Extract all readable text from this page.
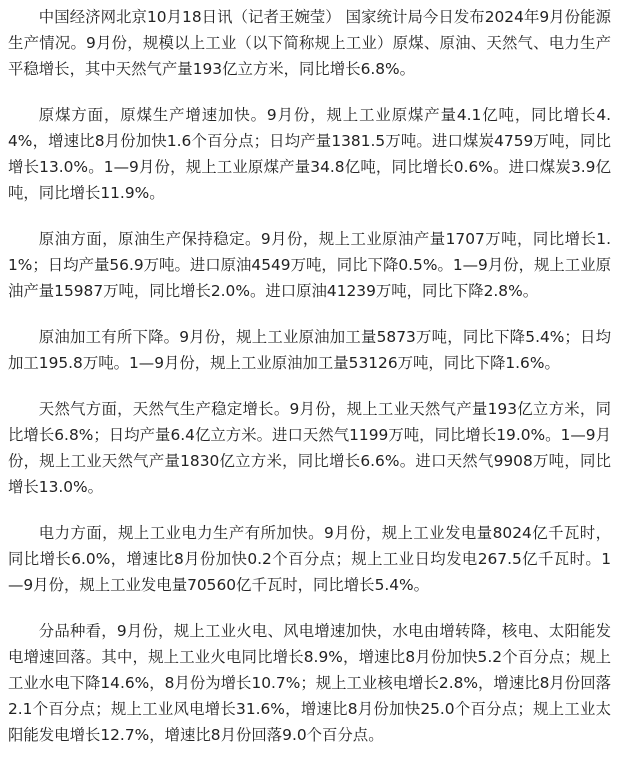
中国经济网北京10月18日讯（记者王婉莹） 国家统计局今日发布2024年9月份能源生产情况。9月份，规模以上工业（以下简称规上工业）原煤、原油、天然气、电力生产平稳增长，其中天然气产量193亿立方米，同比增长6.8%。

原煤方面，原煤生产增速加快。9月份，规上工业原煤产量4.1亿吨，同比增长4.4%，增速比8月份加快1.6个百分点；日均产量1381.5万吨。进口煤炭4759万吨，同比增长13.0%。1—9月份，规上工业原煤产量34.8亿吨，同比增长0.6%。进口煤炭3.9亿吨，同比增长11.9%。

原油方面，原油生产保持稳定。9月份，规上工业原油产量1707万吨，同比增长1.1%；日均产量56.9万吨。进口原油4549万吨，同比下降0.5%。1—9月份，规上工业原油产量15987万吨，同比增长2.0%。进口原油41239万吨，同比下降2.8%。

原油加工有所下降。9月份，规上工业原油加工量5873万吨，同比下降5.4%；日均加工195.8万吨。1—9月份，规上工业原油加工量53126万吨，同比下降1.6%。

天然气方面，天然气生产稳定增长。9月份，规上工业天然气产量193亿立方米，同比增长6.8%；日均产量6.4亿立方米。进口天然气1199万吨，同比增长19.0%。1—9月份，规上工业天然气产量1830亿立方米，同比增长6.6%。进口天然气9908万吨，同比增长13.0%。

电力方面，规上工业电力生产有所加快。9月份，规上工业发电量8024亿千瓦时，同比增长6.0%，增速比8月份加快0.2个百分点；规上工业日均发电267.5亿千瓦时。1—9月份，规上工业发电量70560亿千瓦时，同比增长5.4%。

分品种看，9月份，规上工业火电、风电增速加快，水电由增转降，核电、太阳能发电增速回落。其中，规上工业火电同比增长8.9%，增速比8月份加快5.2个百分点；规上工业水电下降14.6%，8月份为增长10.7%；规上工业核电增长2.8%，增速比8月份回落2.1个百分点；规上工业风电增长31.6%，增速比8月份加快25.0个百分点；规上工业太阳能发电增长12.7%，增速比8月份回落9.0个百分点。
